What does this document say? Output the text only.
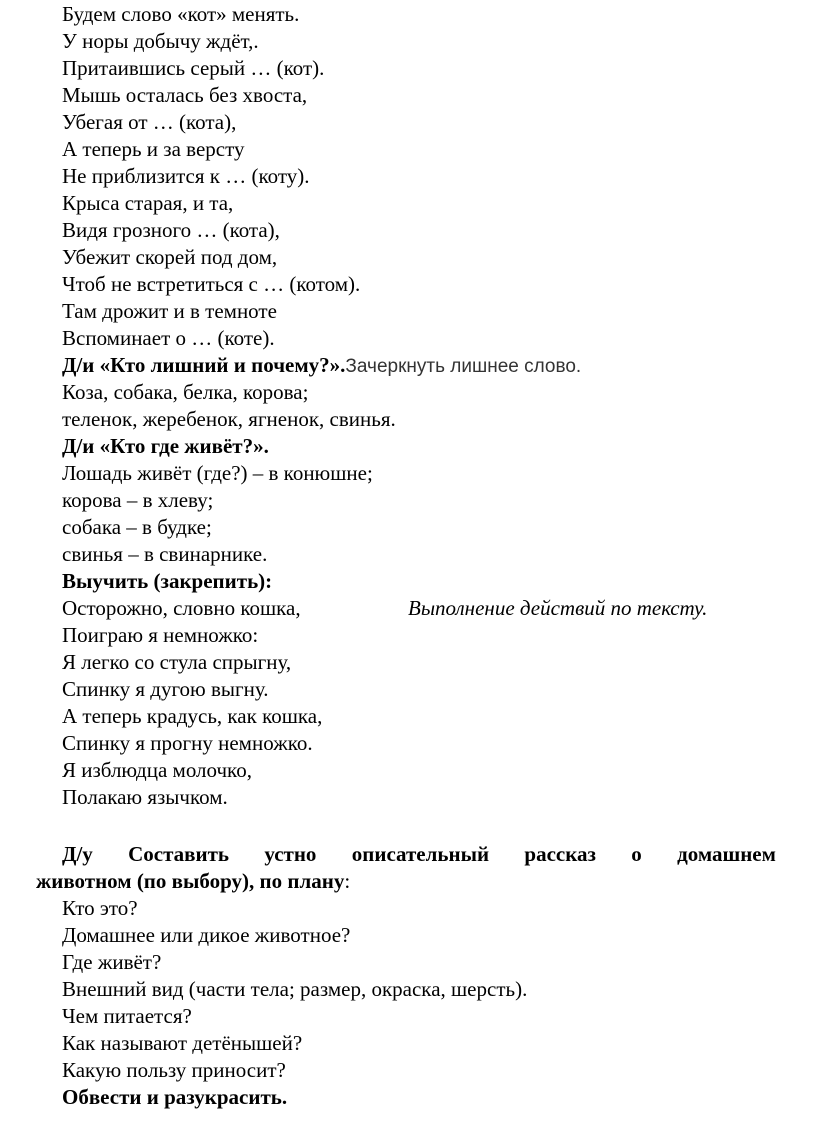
Будем слово «кот» менять.
У норы добычу ждёт,.
Притаившись серый … (кот).
Мышь осталась без хвоста,
Убегая от … (кота),
А теперь и за версту
Не приблизится к … (коту).
Крыса старая, и та,
Видя грозного … (кота),
Убежит скорей под дом,
Чтоб не встретиться с … (котом).
Там дрожит и в темноте
Вспоминает о … (коте).
Д/и «Кто лишний и почему?».Зачеркнуть лишнее слово.
Коза, собака, белка, корова;
теленок, жеребенок, ягненок, свинья.
Д/и «Кто где живёт?».
Лошадь живёт (где?) – в конюшне;
корова – в хлеву;
собака – в будке;
свинья – в свинарнике.
Выучить (закрепить):
Осторожно, словно кошка,	Выполнение действий по тексту.
Поиграю я немножко:
Я легко со стула спрыгну,
Спинку я дугою выгну.
А теперь крадусь, как кошка,
Спинку я прогну немножко.
Я изблюдца молочко,
Полакаю язычком.
Д/у Составить устно описательный рассказ о домашнем
животном (по выбору), по плану:
Кто это?
Домашнее или дикое животное?
Где живёт?
Внешний вид (части тела; размер, окраска, шерсть).
Чем питается?
Как называют детёнышей?
Какую пользу приносит?
Обвести и разукрасить.
